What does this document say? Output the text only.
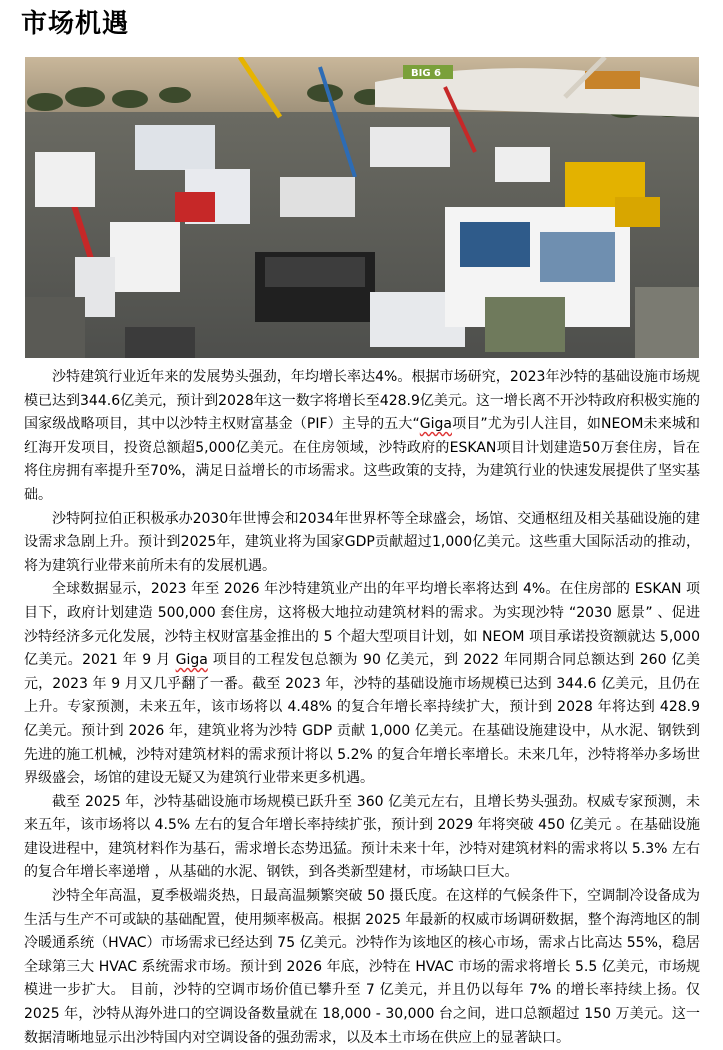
市场机遇
BIG 6

沙特建筑行业近年来的发展势头强劲，年均增长率达4%。根据市场研究，2023年沙特的基础设施市场规模已达到344.6亿美元，预计到2028年这一数字将增长至428.9亿美元。这一增长离不开沙特政府积极实施的国家级战略项目，其中以沙特主权财富基金（PIF）主导的五大“Giga项目”尤为引人注目，如NEOM未来城和红海开发项目，投资总额超5,000亿美元。在住房领域，沙特政府的ESKAN项目计划建造50万套住房，旨在将住房拥有率提升至70%，满足日益增长的市场需求。这些政策的支持，为建筑行业的快速发展提供了坚实基础。

沙特阿拉伯正积极承办2030年世博会和2034年世界杯等全球盛会，场馆、交通枢纽及相关基础设施的建设需求急剧上升。预计到2025年，建筑业将为国家GDP贡献超过1,000亿美元。这些重大国际活动的推动，将为建筑行业带来前所未有的发展机遇。

全球数据显示，2023 年至 2026 年沙特建筑业产出的年平均增长率将达到 4%。在住房部的 ESKAN 项目下，政府计划建造 500,000 套住房，这将极大地拉动建筑材料的需求。为实现沙特 “2030 愿景” 、促进沙特经济多元化发展，沙特主权财富基金推出的 5 个超大型项目计划，如 NEOM 项目承诺投资额就达 5,000 亿美元。2021 年 9 月 Giga 项目的工程发包总额为 90 亿美元，到 2022 年同期合同总额达到 260 亿美元，2023 年 9 月又几乎翻了一番。截至 2023 年，沙特的基础设施市场规模已达到 344.6 亿美元，且仍在上升。专家预测，未来五年，该市场将以 4.48% 的复合年增长率持续扩大，预计到 2028 年将达到 428.9 亿美元。预计到 2026 年，建筑业将为沙特 GDP 贡献 1,000 亿美元。在基础设施建设中，从水泥、钢铁到先进的施工机械，沙特对建筑材料的需求预计将以 5.2% 的复合年增长率增长。未来几年，沙特将举办多场世界级盛会，场馆的建设无疑又为建筑行业带来更多机遇。

截至 2025 年，沙特基础设施市场规模已跃升至 360 亿美元左右，且增长势头强劲。权威专家预测，未来五年，该市场将以 4.5% 左右的复合年增长率持续扩张，预计到 2029 年将突破 450 亿美元 。在基础设施建设进程中，建筑材料作为基石，需求增长态势迅猛。预计未来十年，沙特对建筑材料的需求将以 5.3% 左右的复合年增长率递增 ，从基础的水泥、钢铁，到各类新型建材，市场缺口巨大。

沙特全年高温，夏季极端炎热，日最高温频繁突破 50 摄氏度。在这样的气候条件下，空调制冷设备成为生活与生产不可或缺的基础配置，使用频率极高。根据 2025 年最新的权威市场调研数据，整个海湾地区的制冷暖通系统（HVAC）市场需求已经达到 75 亿美元。沙特作为该地区的核心市场，需求占比高达 55%，稳居全球第三大 HVAC 系统需求市场。预计到 2026 年底，沙特在 HVAC 市场的需求将增长 5.5 亿美元，市场规模进一步扩大。 目前，沙特的空调市场价值已攀升至 7 亿美元，并且仍以每年 7% 的增长率持续上扬。仅 2025 年，沙特从海外进口的空调设备数量就在 18,000 - 30,000 台之间，进口总额超过 150 万美元。这一数据清晰地显示出沙特国内对空调设备的强劲需求，以及本土市场在供应上的显著缺口。
